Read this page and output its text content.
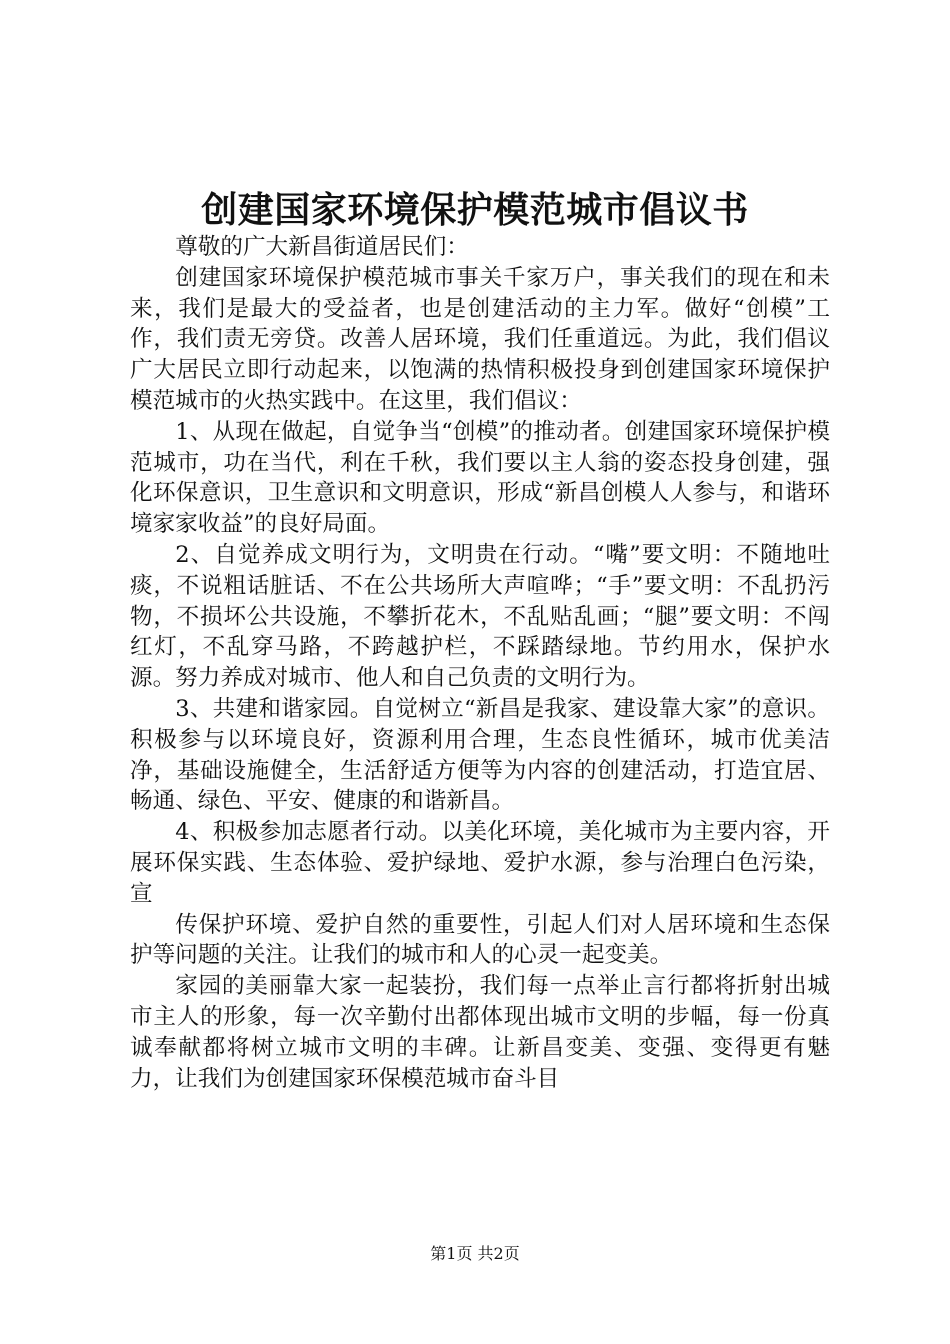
创建国家环境保护模范城市倡议书

尊敬的广大新昌街道居民们：

创建国家环境保护模范城市事关千家万户，事关我们的现在和未来，我们是最大的受益者，也是创建活动的主力军。做好“创模”工作，我们责无旁贷。改善人居环境，我们任重道远。为此，我们倡议广大居民立即行动起来，以饱满的热情积极投身到创建国家环境保护模范城市的火热实践中。在这里，我们倡议：

1、从现在做起，自觉争当“创模”的推动者。创建国家环境保护模范城市，功在当代，利在千秋，我们要以主人翁的姿态投身创建，强化环保意识，卫生意识和文明意识，形成“新昌创模人人参与，和谐环境家家收益”的良好局面。

2、自觉养成文明行为，文明贵在行动。“嘴”要文明：不随地吐痰，不说粗话脏话、不在公共场所大声喧哗；“手”要文明：不乱扔污物，不损坏公共设施，不攀折花木，不乱贴乱画；“腿”要文明：不闯红灯，不乱穿马路，不跨越护栏，不踩踏绿地。节约用水，保护水源。努力养成对城市、他人和自己负责的文明行为。

3、共建和谐家园。自觉树立“新昌是我家、建设靠大家”的意识。积极参与以环境良好，资源利用合理，生态良性循环，城市优美洁净，基础设施健全，生活舒适方便等为内容的创建活动，打造宜居、畅通、绿色、平安、健康的和谐新昌。

4、积极参加志愿者行动。以美化环境，美化城市为主要内容，开展环保实践、生态体验、爱护绿地、爱护水源，参与治理白色污染，宣

传保护环境、爱护自然的重要性，引起人们对人居环境和生态保护等问题的关注。让我们的城市和人的心灵一起变美。

家园的美丽靠大家一起装扮，我们每一点举止言行都将折射出城市主人的形象，每一次辛勤付出都体现出城市文明的步幅，每一份真诚奉献都将树立城市文明的丰碑。让新昌变美、变强、变得更有魅力，让我们为创建国家环保模范城市奋斗目

第1页 共2页
